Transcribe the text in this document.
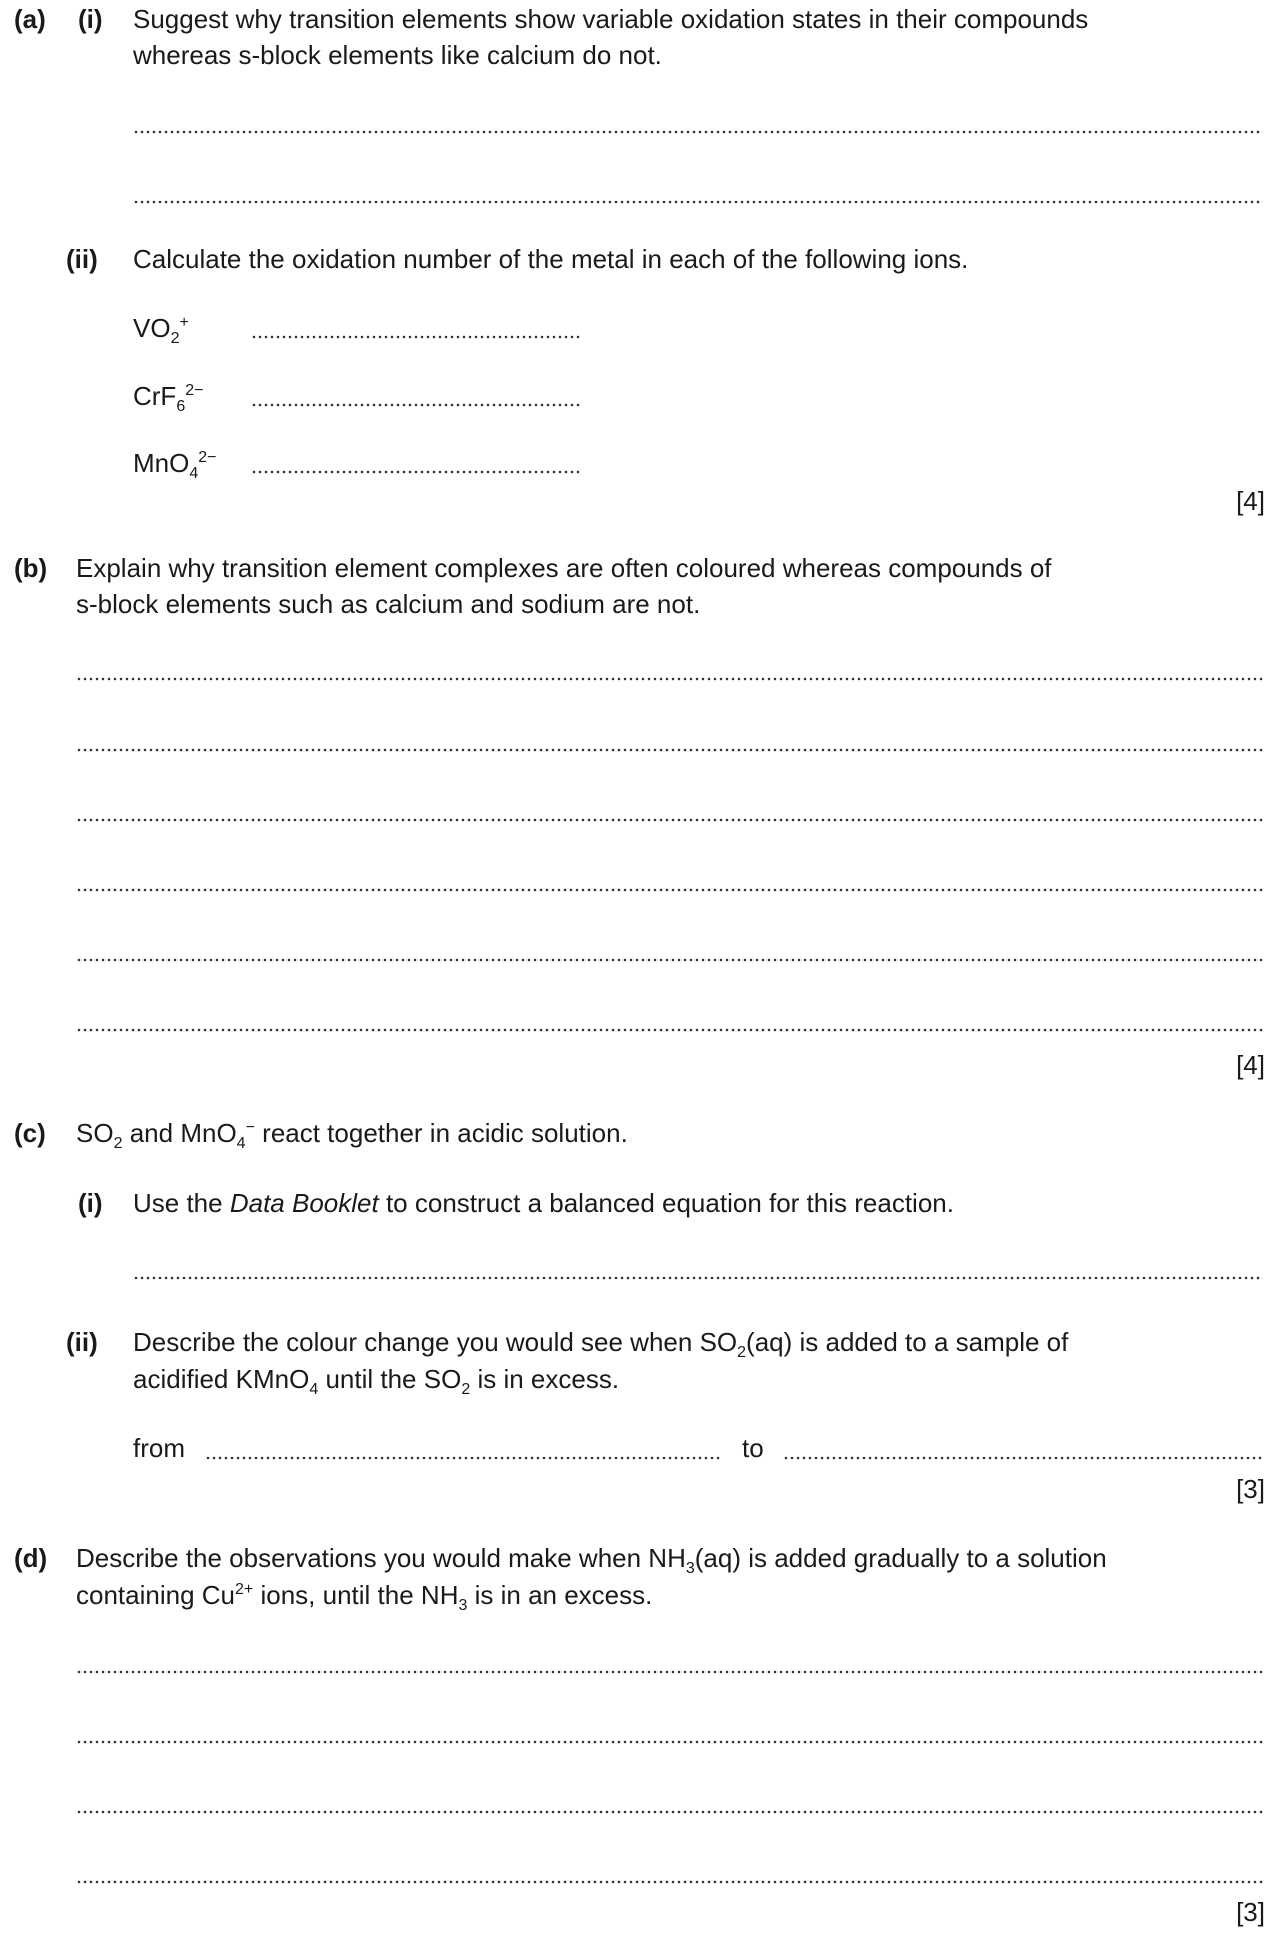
(a) (i) Suggest why transition elements show variable oxidation states in their compounds
whereas s-block elements like calcium do not.
(ii) Calculate the oxidation number of the metal in each of the following ions.
$VO_2^+$
CrF$_6^{2-}$
MnO$_4^{2-}$
[4]
(b) Explain why transition element complexes are often coloured whereas compounds of
s-block elements such as calcium and sodium are not.
[4]
(c) $SO_2$ and MnO$_4$− react together in acidic solution.
(i) Use the Data Booklet to construct a balanced equation for this reaction.
(ii) Describe the colour change you would see when $SO_2(aq)$ is added to a sample of
acidified KMnO$_4$ until the $SO_2$ is in excess.
from	to
[3]
(d) Describe the observations you would make when $NH_3(aq)$ is added gradually to a solution
containing $Cu^{2+}$ ions, until the $NH_3$ is in an excess.
[3]
